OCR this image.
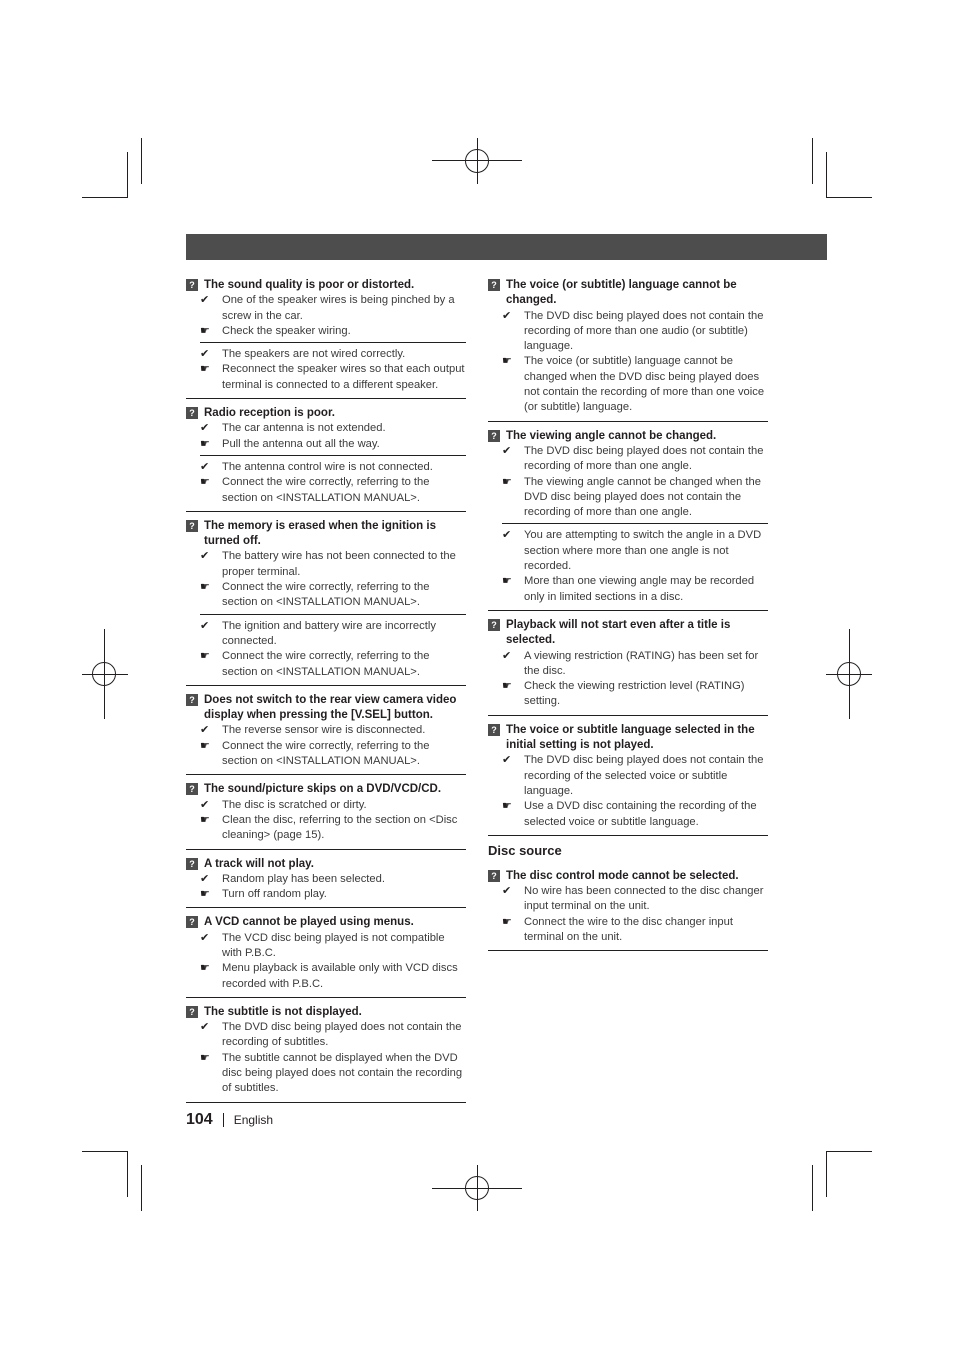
? The sound quality is poor or distorted.
✔	One of the speaker wires is being pinched by a screw in the car.
☛	Check the speaker wiring.
✔	The speakers are not wired correctly.
☛	Reconnect the speaker wires so that each output terminal is connected to a different speaker.
? Radio reception is poor.
✔	The car antenna is not extended.
☛	Pull the antenna out all the way.
✔	The antenna control wire is not connected.
☛	Connect the wire correctly, referring to the section on <INSTALLATION MANUAL>.
? The memory is erased when the ignition is turned off.
✔	The battery wire has not been connected to the proper terminal.
☛	Connect the wire correctly, referring to the section on <INSTALLATION MANUAL>.
✔	The ignition and battery wire are incorrectly connected.
☛	Connect the wire correctly, referring to the section on <INSTALLATION MANUAL>.
? Does not switch to the rear view camera video display when pressing the [V.SEL] button.
✔	The reverse sensor wire is disconnected.
☛	Connect the wire correctly, referring to the section on <INSTALLATION MANUAL>.
? The sound/picture skips on a DVD/VCD/CD.
✔	The disc is scratched or dirty.
☛	Clean the disc, referring to the section on <Disc cleaning> (page 15).
? A track will not play.
✔	Random play has been selected.
☛	Turn off random play.
? A VCD cannot be played using menus.
✔	The VCD disc being played is not compatible with P.B.C.
☛	Menu playback is available only with VCD discs recorded with P.B.C.
? The subtitle is not displayed.
✔	The DVD disc being played does not contain the recording of subtitles.
☛	The subtitle cannot be displayed when the DVD disc being played does not contain the recording of subtitles.
? The voice (or subtitle) language cannot be changed.
✔	The DVD disc being played does not contain the recording of more than one audio (or subtitle) language.
☛	The voice (or subtitle) language cannot be changed when the DVD disc being played does not contain the recording of more than one voice (or subtitle) language.
? The viewing angle cannot be changed.
✔	The DVD disc being played does not contain the recording of more than one angle.
☛	The viewing angle cannot be changed when the DVD disc being played does not contain the recording of more than one angle.
✔	You are attempting to switch the angle in a DVD section where more than one angle is not recorded.
☛	More than one viewing angle may be recorded only in limited sections in a disc.
? Playback will not start even after a title is selected.
✔	A viewing restriction (RATING) has been set for the disc.
☛	Check the viewing restriction level (RATING) setting.
? The voice or subtitle language selected in the initial setting is not played.
✔	The DVD disc being played does not contain the recording of the selected voice or subtitle language.
☛	Use a DVD disc containing the recording of the selected voice or subtitle language.
Disc source
? The disc control mode cannot be selected.
✔	No wire has been connected to the disc changer input terminal on the unit.
☛	Connect the wire to the disc changer input terminal on the unit.
104 English
